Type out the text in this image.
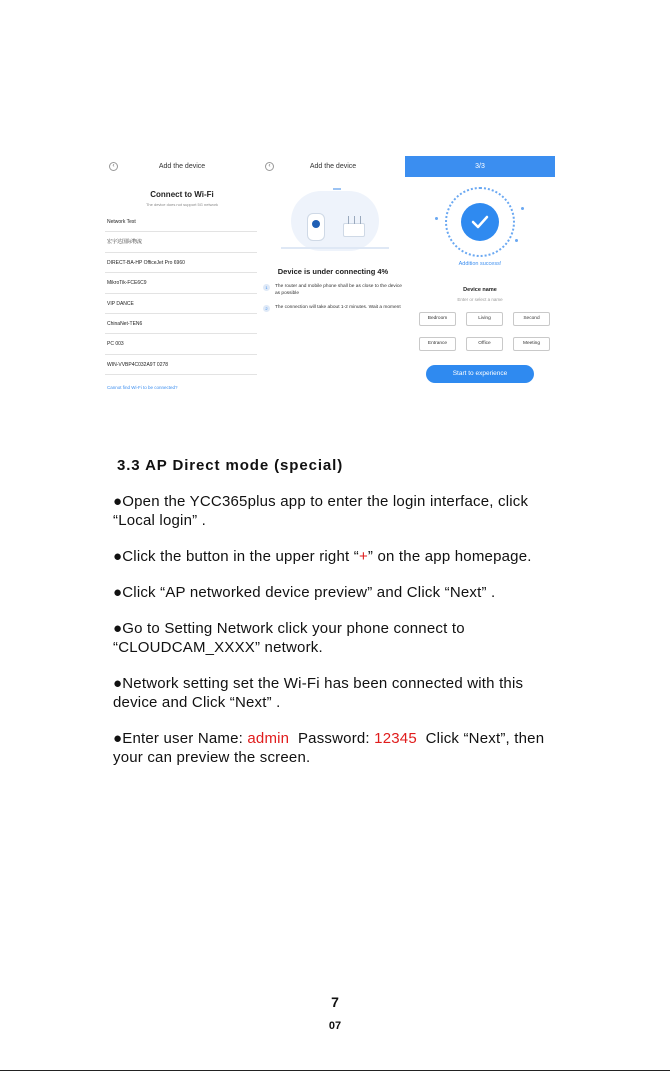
‹	Add the device
Connect to Wi-Fi
The device does not support 5G network
Network Test
宏宇达国际物流
DIRECT-BA-HP OfficeJet Pro 6960
MikroTik-FCE6C9
VIP DANCE
ChinaNet-TEN6
PC 003
WIN-VVBP4C032A9T 0278
Cannot find Wi-Fi to be connected?
‹	Add the device
Device is under connecting 4%
1	The router and mobile phone shall be as close to the device as possible
2	The connection will take about 1-2 minutes. Wait a moment
3/3
Addition success!
Device name
Enter or select a name
Bedroom	Living	Second
Entrance	Office	Meeting
Start to experience
3.3 AP Direct mode (special)

●Open the YCC365plus app to enter the login interface, click “Local login” .

●Click the button in the upper right “+” on the app homepage.

●Click “AP networked device preview” and Click “Next” .

●Go to Setting Network click your phone connect to “CLOUDCAM_XXXX” network.

●Network setting set the Wi-Fi has been connected with this device and Click “Next” .

●Enter user Name: admin  Password: 12345  Click “Next”, then your can preview the screen.

7
07
